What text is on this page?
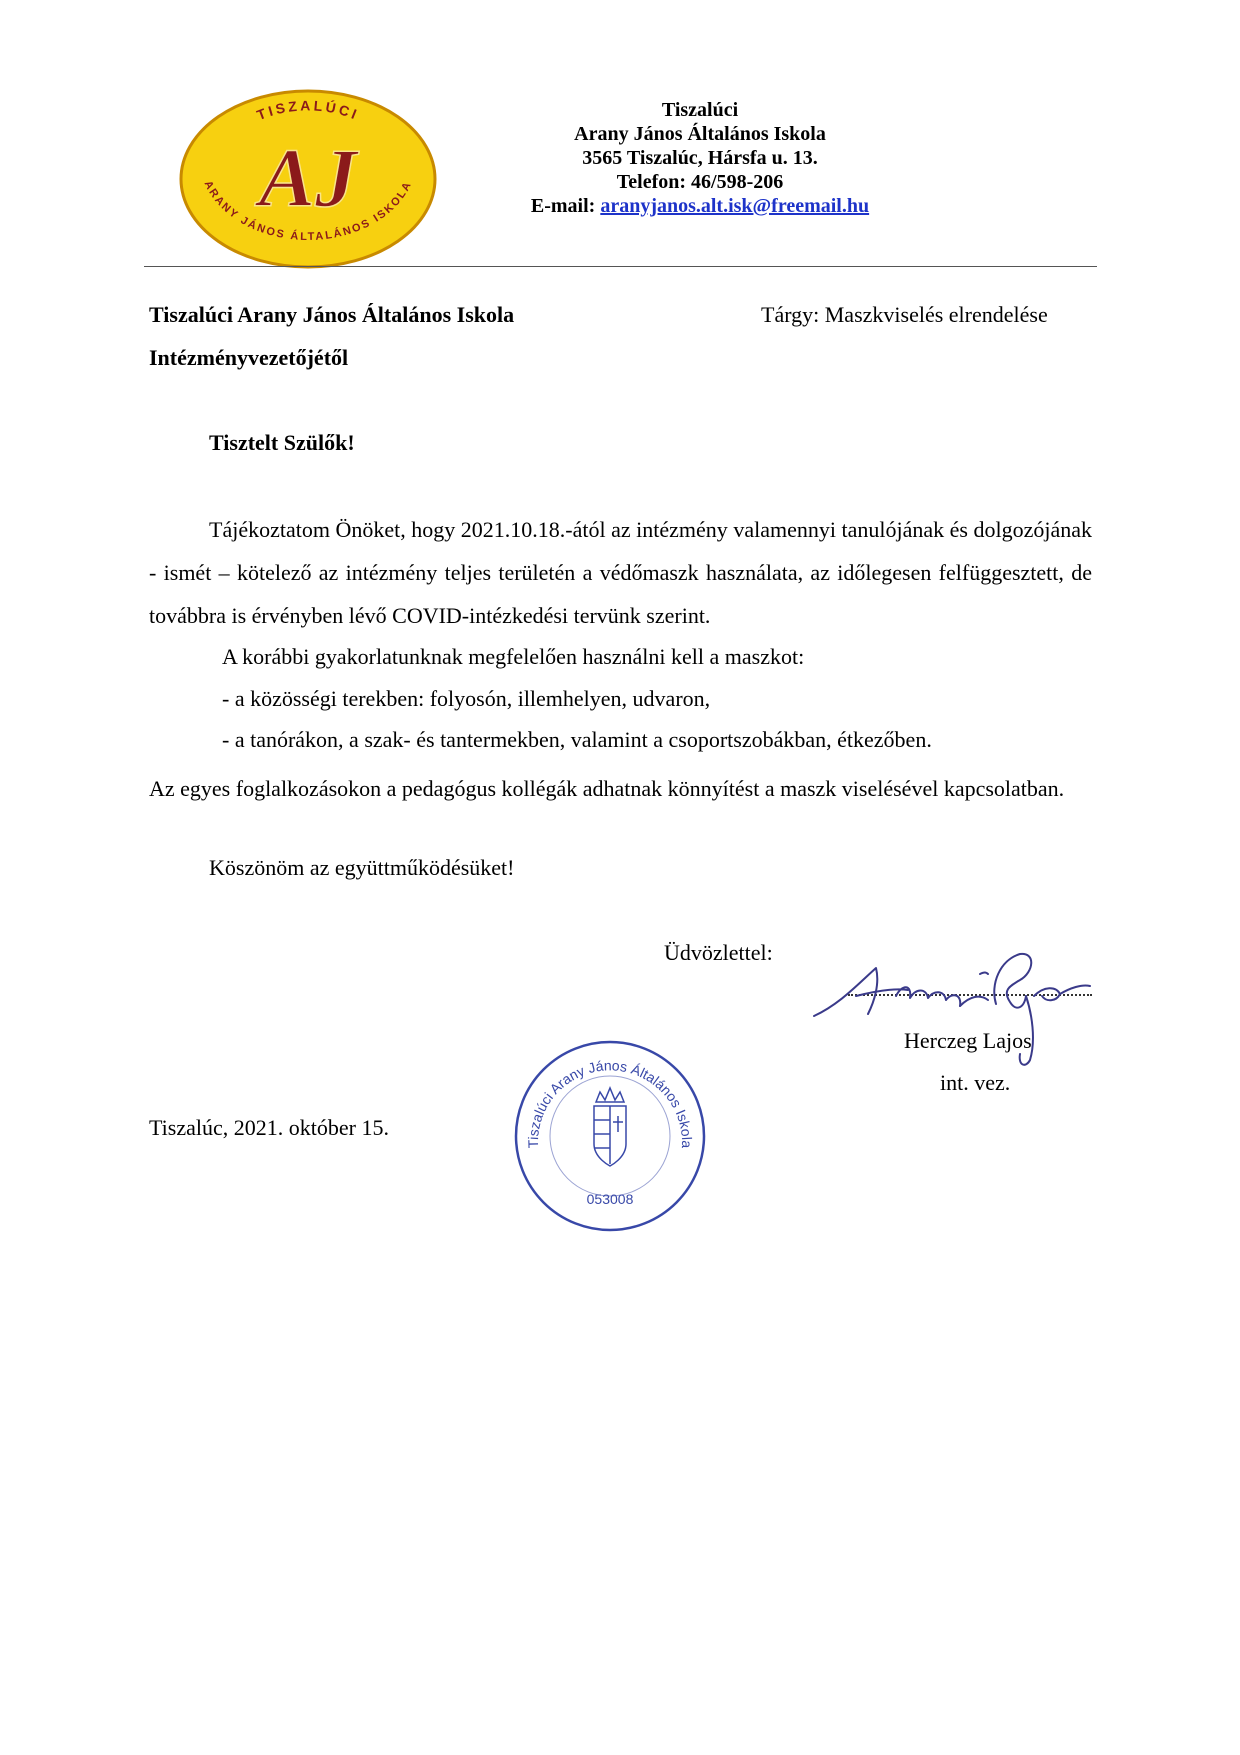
TISZALÚCI
ARANY JÁNOS ÁLTALÁNOS ISKOLA
AJ
Tiszalúci
Arany János Általános Iskola
3565 Tiszalúc, Hársfa u. 13.
Telefon: 46/598-206
E-mail: aranyjanos.alt.isk@freemail.hu
Tiszalúci Arany János Általános Iskola
Intézményvezetőjétől
Tárgy: Maszkviselés elrendelése
Tisztelt Szülők!
Tájékoztatom Önöket, hogy 2021.10.18.-ától az intézmény valamennyi tanulójának és dolgozójának - ismét – kötelező az intézmény teljes területén a védőmaszk használata, az időlegesen felfüggesztett, de továbbra is érvényben lévő COVID-intézkedési tervünk szerint.
A korábbi gyakorlatunknak megfelelően használni kell a maszkot:
- a közösségi terekben: folyosón, illemhelyen, udvaron,
- a tanórákon, a szak- és tantermekben, valamint a csoportszobákban, étkezőben.
Az egyes foglalkozásokon a pedagógus kollégák adhatnak könnyítést a maszk viselésével kapcsolatban.
Köszönöm az együttműködésüket!
Üdvözlettel:
Herczeg Lajos
int. vez.
Tiszalúc, 2021. október 15.
Tiszalúci Arany János Általános Iskola
053008
